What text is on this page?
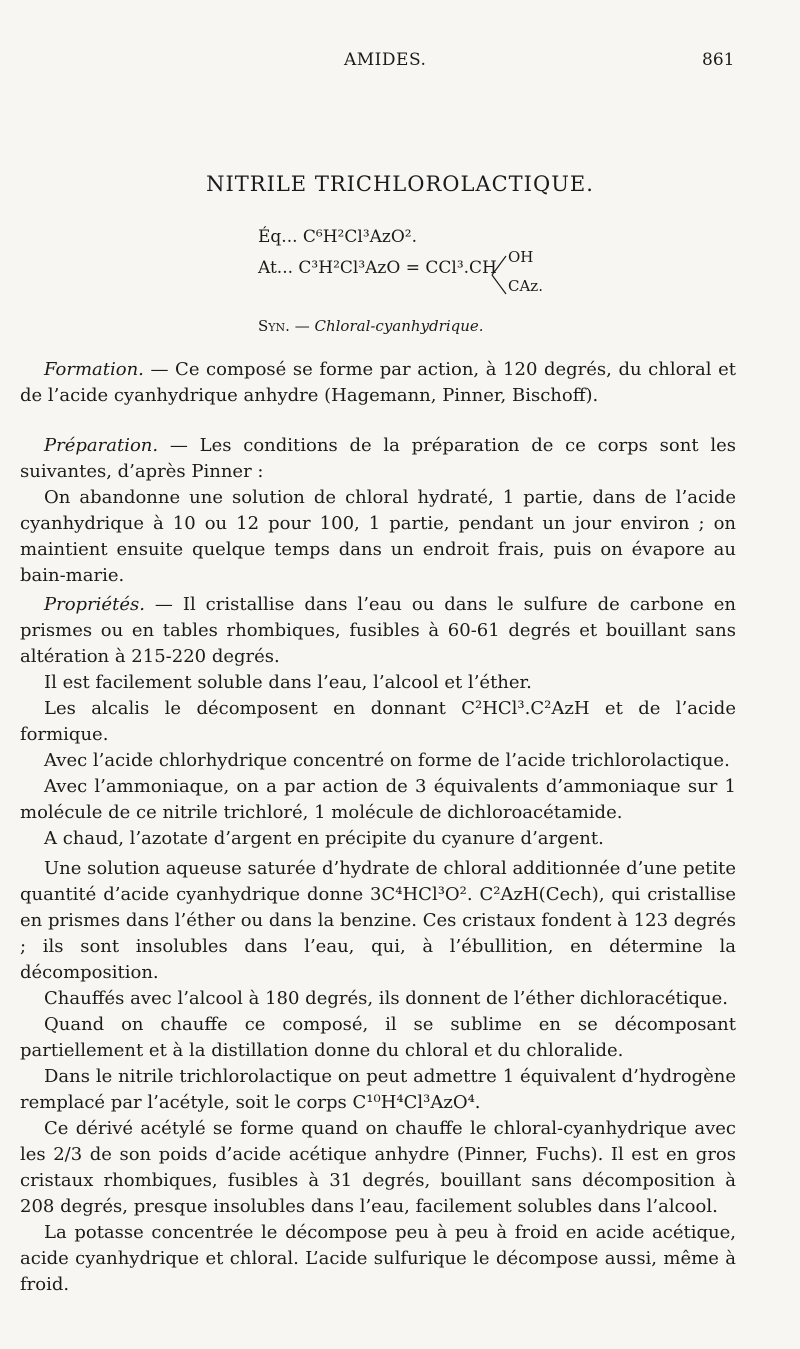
AMIDES.	861
NITRILE TRICHLOROLACTIQUE.
Éq... C⁶H²Cl³AzO².
At... C³H²Cl³AzO = CCl³.CH
OH
CAz.
Syn. — Chloral-cyanhydrique.

Formation. — Ce composé se forme par action, à 120 degrés, du chloral et de l’acide cyanhydrique anhydre (Hagemann, Pinner, Bischoff).

Préparation. — Les conditions de la préparation de ce corps sont les suivantes, d’après Pinner :

On abandonne une solution de chloral hydraté, 1 partie, dans de l’acide cyanhydrique à 10 ou 12 pour 100, 1 partie, pendant un jour environ ; on maintient ensuite quelque temps dans un endroit frais, puis on évapore au bain-marie.

Propriétés. — Il cristallise dans l’eau ou dans le sulfure de carbone en prismes ou en tables rhombiques, fusibles à 60-61 degrés et bouillant sans altération à 215-220 degrés.

Il est facilement soluble dans l’eau, l’alcool et l’éther.

Les alcalis le décomposent en donnant C²HCl³.C²AzH et de l’acide formique.

Avec l’acide chlorhydrique concentré on forme de l’acide trichlorolactique.

Avec l’ammoniaque, on a par action de 3 équivalents d’ammoniaque sur 1 molécule de ce nitrile trichloré, 1 molécule de dichloroacétamide.

A chaud, l’azotate d’argent en précipite du cyanure d’argent.

Une solution aqueuse saturée d’hydrate de chloral additionnée d’une petite quantité d’acide cyanhydrique donne 3C⁴HCl³O². C²AzH(Cech), qui cristallise en prismes dans l’éther ou dans la benzine. Ces cristaux fondent à 123 degrés ; ils sont insolubles dans l’eau, qui, à l’ébullition, en détermine la décomposition.

Chauffés avec l’alcool à 180 degrés, ils donnent de l’éther dichloracétique.

Quand on chauffe ce composé, il se sublime en se décomposant partiellement et à la distillation donne du chloral et du chloralide.

Dans le nitrile trichlorolactique on peut admettre 1 équivalent d’hydrogène remplacé par l’acétyle, soit le corps C¹⁰H⁴Cl³AzO⁴.

Ce dérivé acétylé se forme quand on chauffe le chloral-cyanhydrique avec les 2/3 de son poids d’acide acétique anhydre (Pinner, Fuchs). Il est en gros cristaux rhombiques, fusibles à 31 degrés, bouillant sans décomposition à 208 degrés, presque insolubles dans l’eau, facilement solubles dans l’alcool.

La potasse concentrée le décompose peu à peu à froid en acide acétique, acide cyanhydrique et chloral. L’acide sulfurique le décompose aussi, même à froid.
